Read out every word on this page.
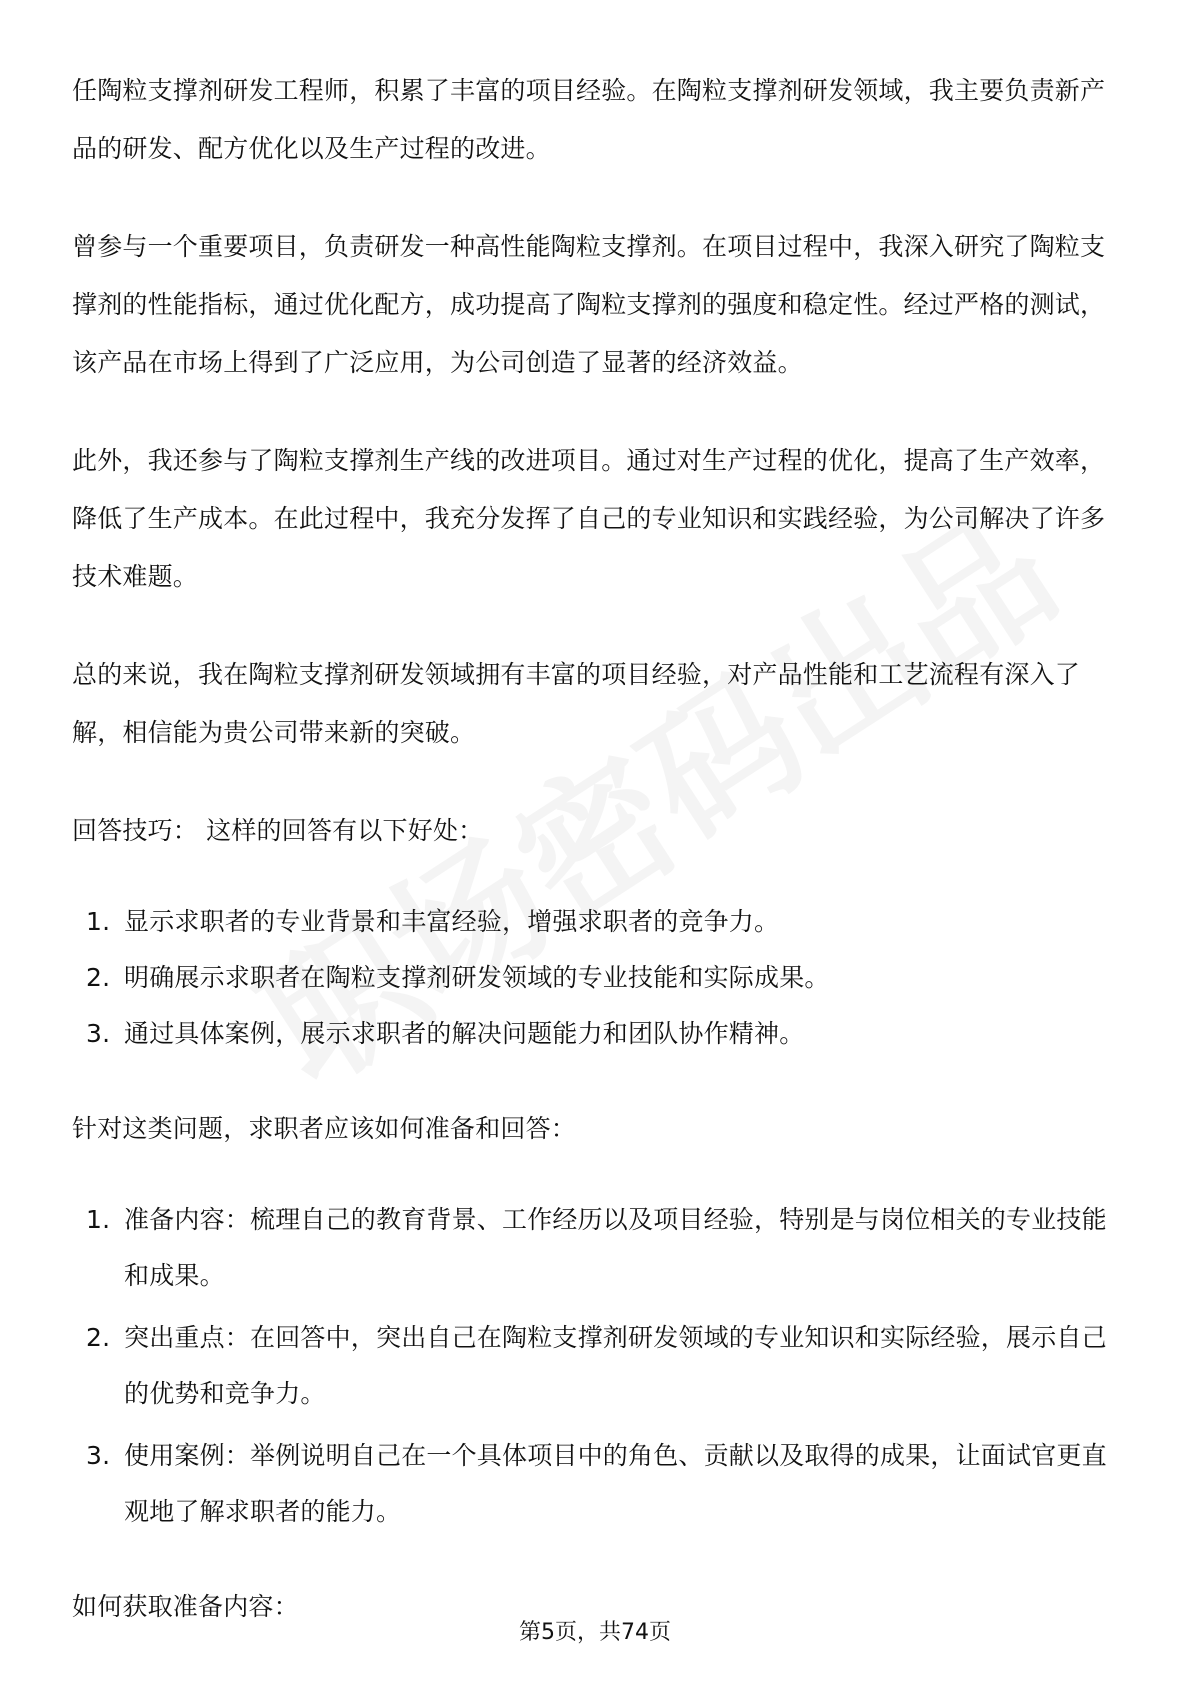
任陶粒支撑剂研发工程师，积累了丰富的项目经验。在陶粒支撑剂研发领域，我主要负责新产品的研发、配方优化以及生产过程的改进。

曾参与一个重要项目，负责研发一种高性能陶粒支撑剂。在项目过程中，我深入研究了陶粒支撑剂的性能指标，通过优化配方，成功提高了陶粒支撑剂的强度和稳定性。经过严格的测试，该产品在市场上得到了广泛应用，为公司创造了显著的经济效益。

此外，我还参与了陶粒支撑剂生产线的改进项目。通过对生产过程的优化，提高了生产效率，降低了生产成本。在此过程中，我充分发挥了自己的专业知识和实践经验，为公司解决了许多技术难题。

总的来说，我在陶粒支撑剂研发领域拥有丰富的项目经验，对产品性能和工艺流程有深入了解，相信能为贵公司带来新的突破。

回答技巧： 这样的回答有以下好处：

1. 显示求职者的专业背景和丰富经验，增强求职者的竞争力。
2. 明确展示求职者在陶粒支撑剂研发领域的专业技能和实际成果。
3. 通过具体案例，展示求职者的解决问题能力和团队协作精神。

针对这类问题，求职者应该如何准备和回答：

1. 准备内容：梳理自己的教育背景、工作经历以及项目经验，特别是与岗位相关的专业技能和成果。
2. 突出重点：在回答中，突出自己在陶粒支撑剂研发领域的专业知识和实际经验，展示自己的优势和竞争力。
3. 使用案例：举例说明自己在一个具体项目中的角色、贡献以及取得的成果，让面试官更直观地了解求职者的能力。

如何获取准备内容：

第5页，共74页
